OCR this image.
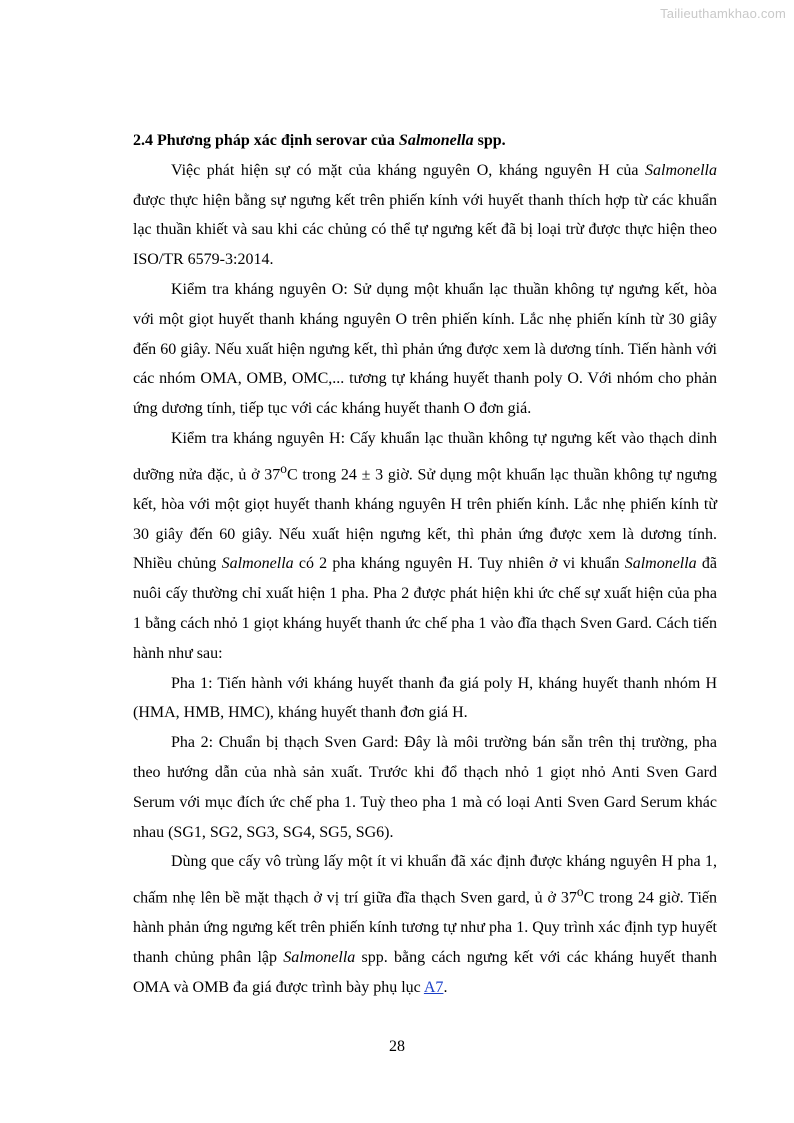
Tailieuthamkhao.com

2.4 Phương pháp xác định serovar của Salmonella spp.

Việc phát hiện sự có mặt của kháng nguyên O, kháng nguyên H của Salmonella được thực hiện bằng sự ngưng kết trên phiến kính với huyết thanh thích hợp từ các khuẩn lạc thuần khiết và sau khi các chủng có thể tự ngưng kết đã bị loại trừ được thực hiện theo ISO/TR 6579-3:2014.

Kiểm tra kháng nguyên O: Sử dụng một khuẩn lạc thuần không tự ngưng kết, hòa với một giọt huyết thanh kháng nguyên O trên phiến kính. Lắc nhẹ phiến kính từ 30 giây đến 60 giây. Nếu xuất hiện ngưng kết, thì phản ứng được xem là dương tính. Tiến hành với các nhóm OMA, OMB, OMC,... tương tự kháng huyết thanh poly O. Với nhóm cho phản ứng dương tính, tiếp tục với các kháng huyết thanh O đơn giá.

Kiểm tra kháng nguyên H: Cấy khuẩn lạc thuần không tự ngưng kết vào thạch dinh dưỡng nửa đặc, ủ ở 37$^o$C trong 24 ± 3 giờ. Sử dụng một khuẩn lạc thuần không tự ngưng kết, hòa với một giọt huyết thanh kháng nguyên H trên phiến kính. Lắc nhẹ phiến kính từ 30 giây đến 60 giây. Nếu xuất hiện ngưng kết, thì phản ứng được xem là dương tính. Nhiều chủng Salmonella có 2 pha kháng nguyên H. Tuy nhiên ở vi khuẩn Salmonella đã nuôi cấy thường chỉ xuất hiện 1 pha. Pha 2 được phát hiện khi ức chế sự xuất hiện của pha 1 bằng cách nhỏ 1 giọt kháng huyết thanh ức chế pha 1 vào đĩa thạch Sven Gard. Cách tiến hành như sau:

Pha 1: Tiến hành với kháng huyết thanh đa giá poly H, kháng huyết thanh nhóm H (HMA, HMB, HMC), kháng huyết thanh đơn giá H.

Pha 2: Chuẩn bị thạch Sven Gard: Đây là môi trường bán sẵn trên thị trường, pha theo hướng dẫn của nhà sản xuất. Trước khi đổ thạch nhỏ 1 giọt nhỏ Anti Sven Gard Serum với mục đích ức chế pha 1. Tuỳ theo pha 1 mà có loại Anti Sven Gard Serum khác nhau (SG1, SG2, SG3, SG4, SG5, SG6).

Dùng que cấy vô trùng lấy một ít vi khuẩn đã xác định được kháng nguyên H pha 1, chấm nhẹ lên bề mặt thạch ở vị trí giữa đĩa thạch Sven gard, ủ ở 37$^o$C trong 24 giờ. Tiến hành phản ứng ngưng kết trên phiến kính tương tự như pha 1. Quy trình xác định typ huyết thanh chủng phân lập Salmonella spp. bằng cách ngưng kết với các kháng huyết thanh OMA và OMB đa giá được trình bày phụ lục A7.

28
